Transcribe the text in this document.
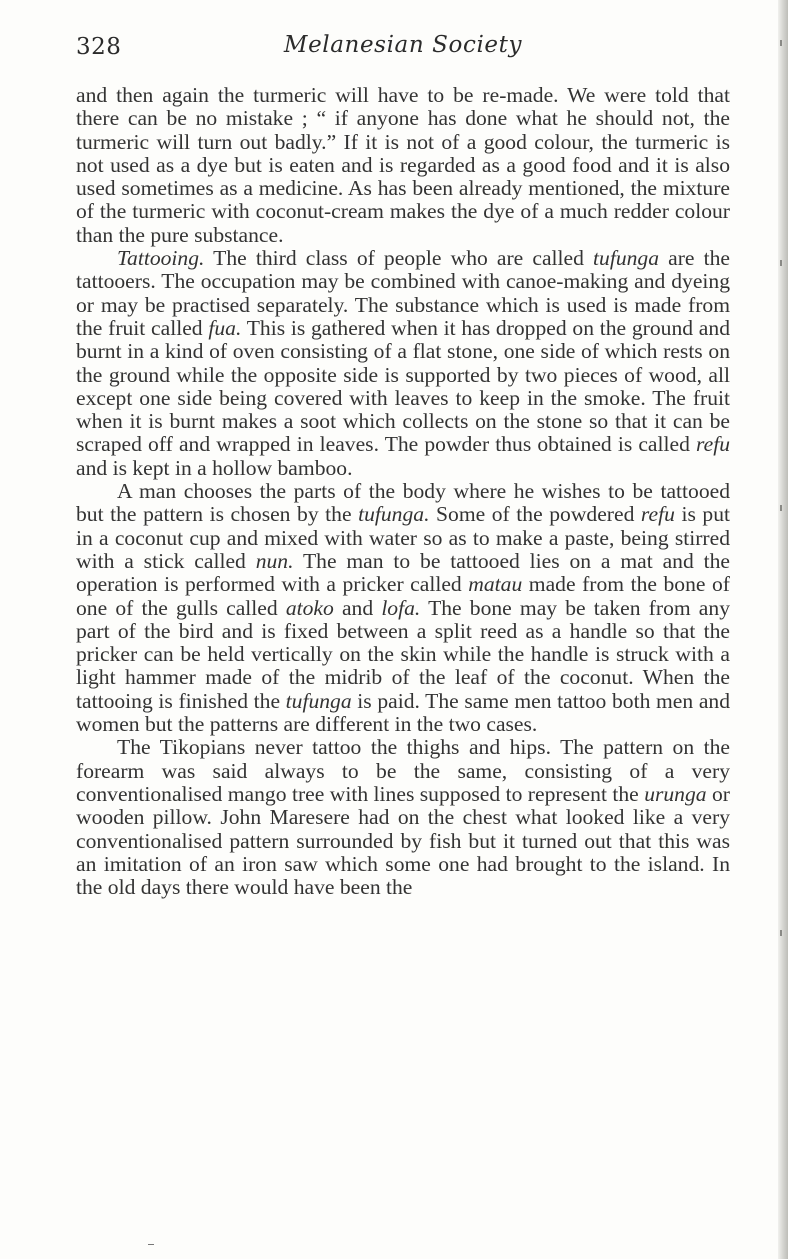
328	Melanesian Society

and then again the turmeric will have to be re-made. We were told that there can be no mistake ; “ if anyone has done what he should not, the turmeric will turn out badly.” If it is not of a good colour, the turmeric is not used as a dye but is eaten and is regarded as a good food and it is also used sometimes as a medicine. As has been already mentioned, the mixture of the turmeric with coconut-cream makes the dye of a much redder colour than the pure substance.

Tattooing. The third class of people who are called tufunga are the tattooers. The occupation may be combined with canoe-making and dyeing or may be practised separately. The substance which is used is made from the fruit called fua. This is gathered when it has dropped on the ground and burnt in a kind of oven consisting of a flat stone, one side of which rests on the ground while the opposite side is supported by two pieces of wood, all except one side being covered with leaves to keep in the smoke. The fruit when it is burnt makes a soot which collects on the stone so that it can be scraped off and wrapped in leaves. The powder thus obtained is called refu and is kept in a hollow bamboo.

A man chooses the parts of the body where he wishes to be tattooed but the pattern is chosen by the tufunga. Some of the powdered refu is put in a coconut cup and mixed with water so as to make a paste, being stirred with a stick called nun. The man to be tattooed lies on a mat and the operation is performed with a pricker called matau made from the bone of one of the gulls called atoko and lofa. The bone may be taken from any part of the bird and is fixed between a split reed as a handle so that the pricker can be held vertically on the skin while the handle is struck with a light hammer made of the midrib of the leaf of the coconut. When the tattooing is finished the tufunga is paid. The same men tattoo both men and women but the patterns are different in the two cases.

The Tikopians never tattoo the thighs and hips. The pattern on the forearm was said always to be the same, consisting of a very conventionalised mango tree with lines supposed to represent the urunga or wooden pillow. John Maresere had on the chest what looked like a very conventionalised pattern surrounded by fish but it turned out that this was an imitation of an iron saw which some one had brought to the island. In the old days there would have been the
